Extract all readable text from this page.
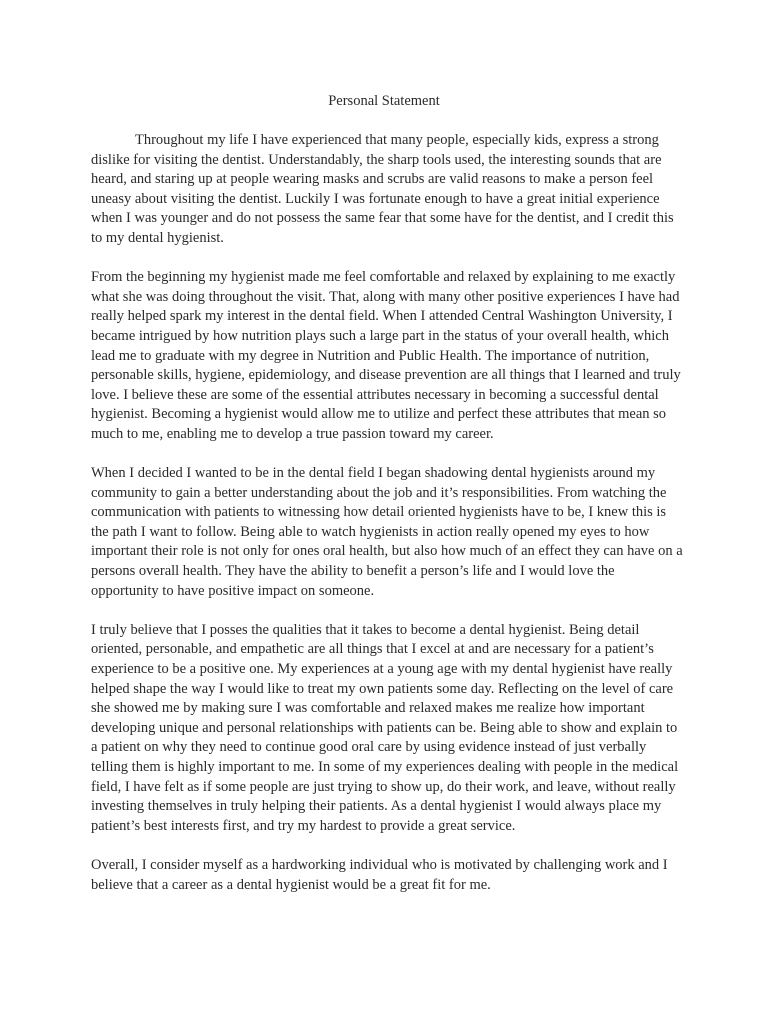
Personal Statement

Throughout my life I have experienced that many people, especially kids, express a strong dislike for visiting the dentist. Understandably, the sharp tools used, the interesting sounds that are heard, and staring up at people wearing masks and scrubs are valid reasons to make a person feel uneasy about visiting the dentist. Luckily I was fortunate enough to have a great initial experience when I was younger and do not possess the same fear that some have for the dentist, and I credit this to my dental hygienist.

From the beginning my hygienist made me feel comfortable and relaxed by explaining to me exactly what she was doing throughout the visit. That, along with many other positive experiences I have had really helped spark my interest in the dental field. When I attended Central Washington University, I became intrigued by how nutrition plays such a large part in the status of your overall health, which lead me to graduate with my degree in Nutrition and Public Health. The importance of nutrition, personable skills, hygiene, epidemiology, and disease prevention are all things that I learned and truly love. I believe these are some of the essential attributes necessary in becoming a successful dental hygienist. Becoming a hygienist would allow me to utilize and perfect these attributes that mean so much to me, enabling me to develop a true passion toward my career.

When I decided I wanted to be in the dental field I began shadowing dental hygienists around my community to gain a better understanding about the job and it’s responsibilities. From watching the communication with patients to witnessing how detail oriented hygienists have to be, I knew this is the path I want to follow. Being able to watch hygienists in action really opened my eyes to how important their role is not only for ones oral health, but also how much of an effect they can have on a persons overall health. They have the ability to benefit a person’s life and I would love the opportunity to have positive impact on someone.

I truly believe that I posses the qualities that it takes to become a dental hygienist. Being detail oriented, personable, and empathetic are all things that I excel at and are necessary for a patient’s experience to be a positive one. My experiences at a young age with my dental hygienist have really helped shape the way I would like to treat my own patients some day. Reflecting on the level of care she showed me by making sure I was comfortable and relaxed makes me realize how important developing unique and personal relationships with patients can be. Being able to show and explain to a patient on why they need to continue good oral care by using evidence instead of just verbally telling them is highly important to me. In some of my experiences dealing with people in the medical field, I have felt as if some people are just trying to show up, do their work, and leave, without really investing themselves in truly helping their patients. As a dental hygienist I would always place my patient’s best interests first, and try my hardest to provide a great service.

Overall, I consider myself as a hardworking individual who is motivated by challenging work and I believe that a career as a dental hygienist would be a great fit for me.
